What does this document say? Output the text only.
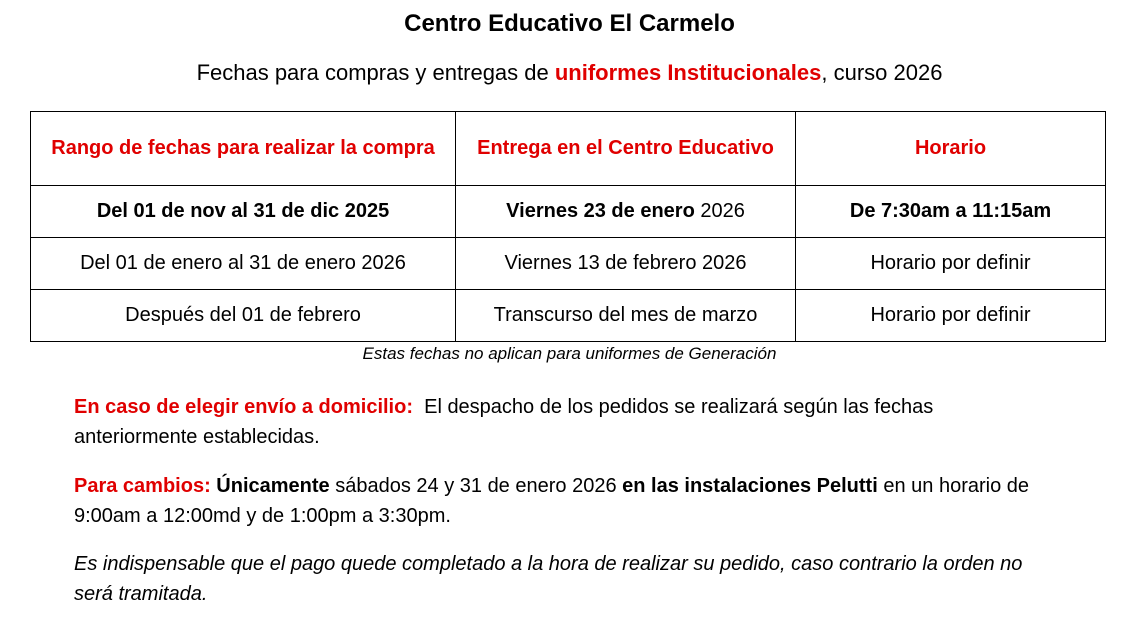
Centro Educativo El Carmelo
Fechas para compras y entregas de uniformes Institucionales, curso 2026
Rango de fechas para realizar la compra	Entrega en el Centro Educativo	Horario
Del 01 de nov al 31 de dic 2025	Viernes 23 de enero 2026	De 7:30am a 11:15am
Del 01 de enero al 31 de enero 2026	Viernes 13 de febrero 2026	Horario por definir
Después del 01 de febrero	Transcurso del mes de marzo	Horario por definir
Estas fechas no aplican para uniformes de Generación
En caso de elegir envío a domicilio:  El despacho de los pedidos se realizará según las fechas anteriormente establecidas.
Para cambios: Únicamente sábados 24 y 31 de enero 2026 en las instalaciones Pelutti en un horario de 9:00am a 12:00md y de 1:00pm a 3:30pm.
Es indispensable que el pago quede completado a la hora de realizar su pedido, caso contrario la orden no será tramitada.
